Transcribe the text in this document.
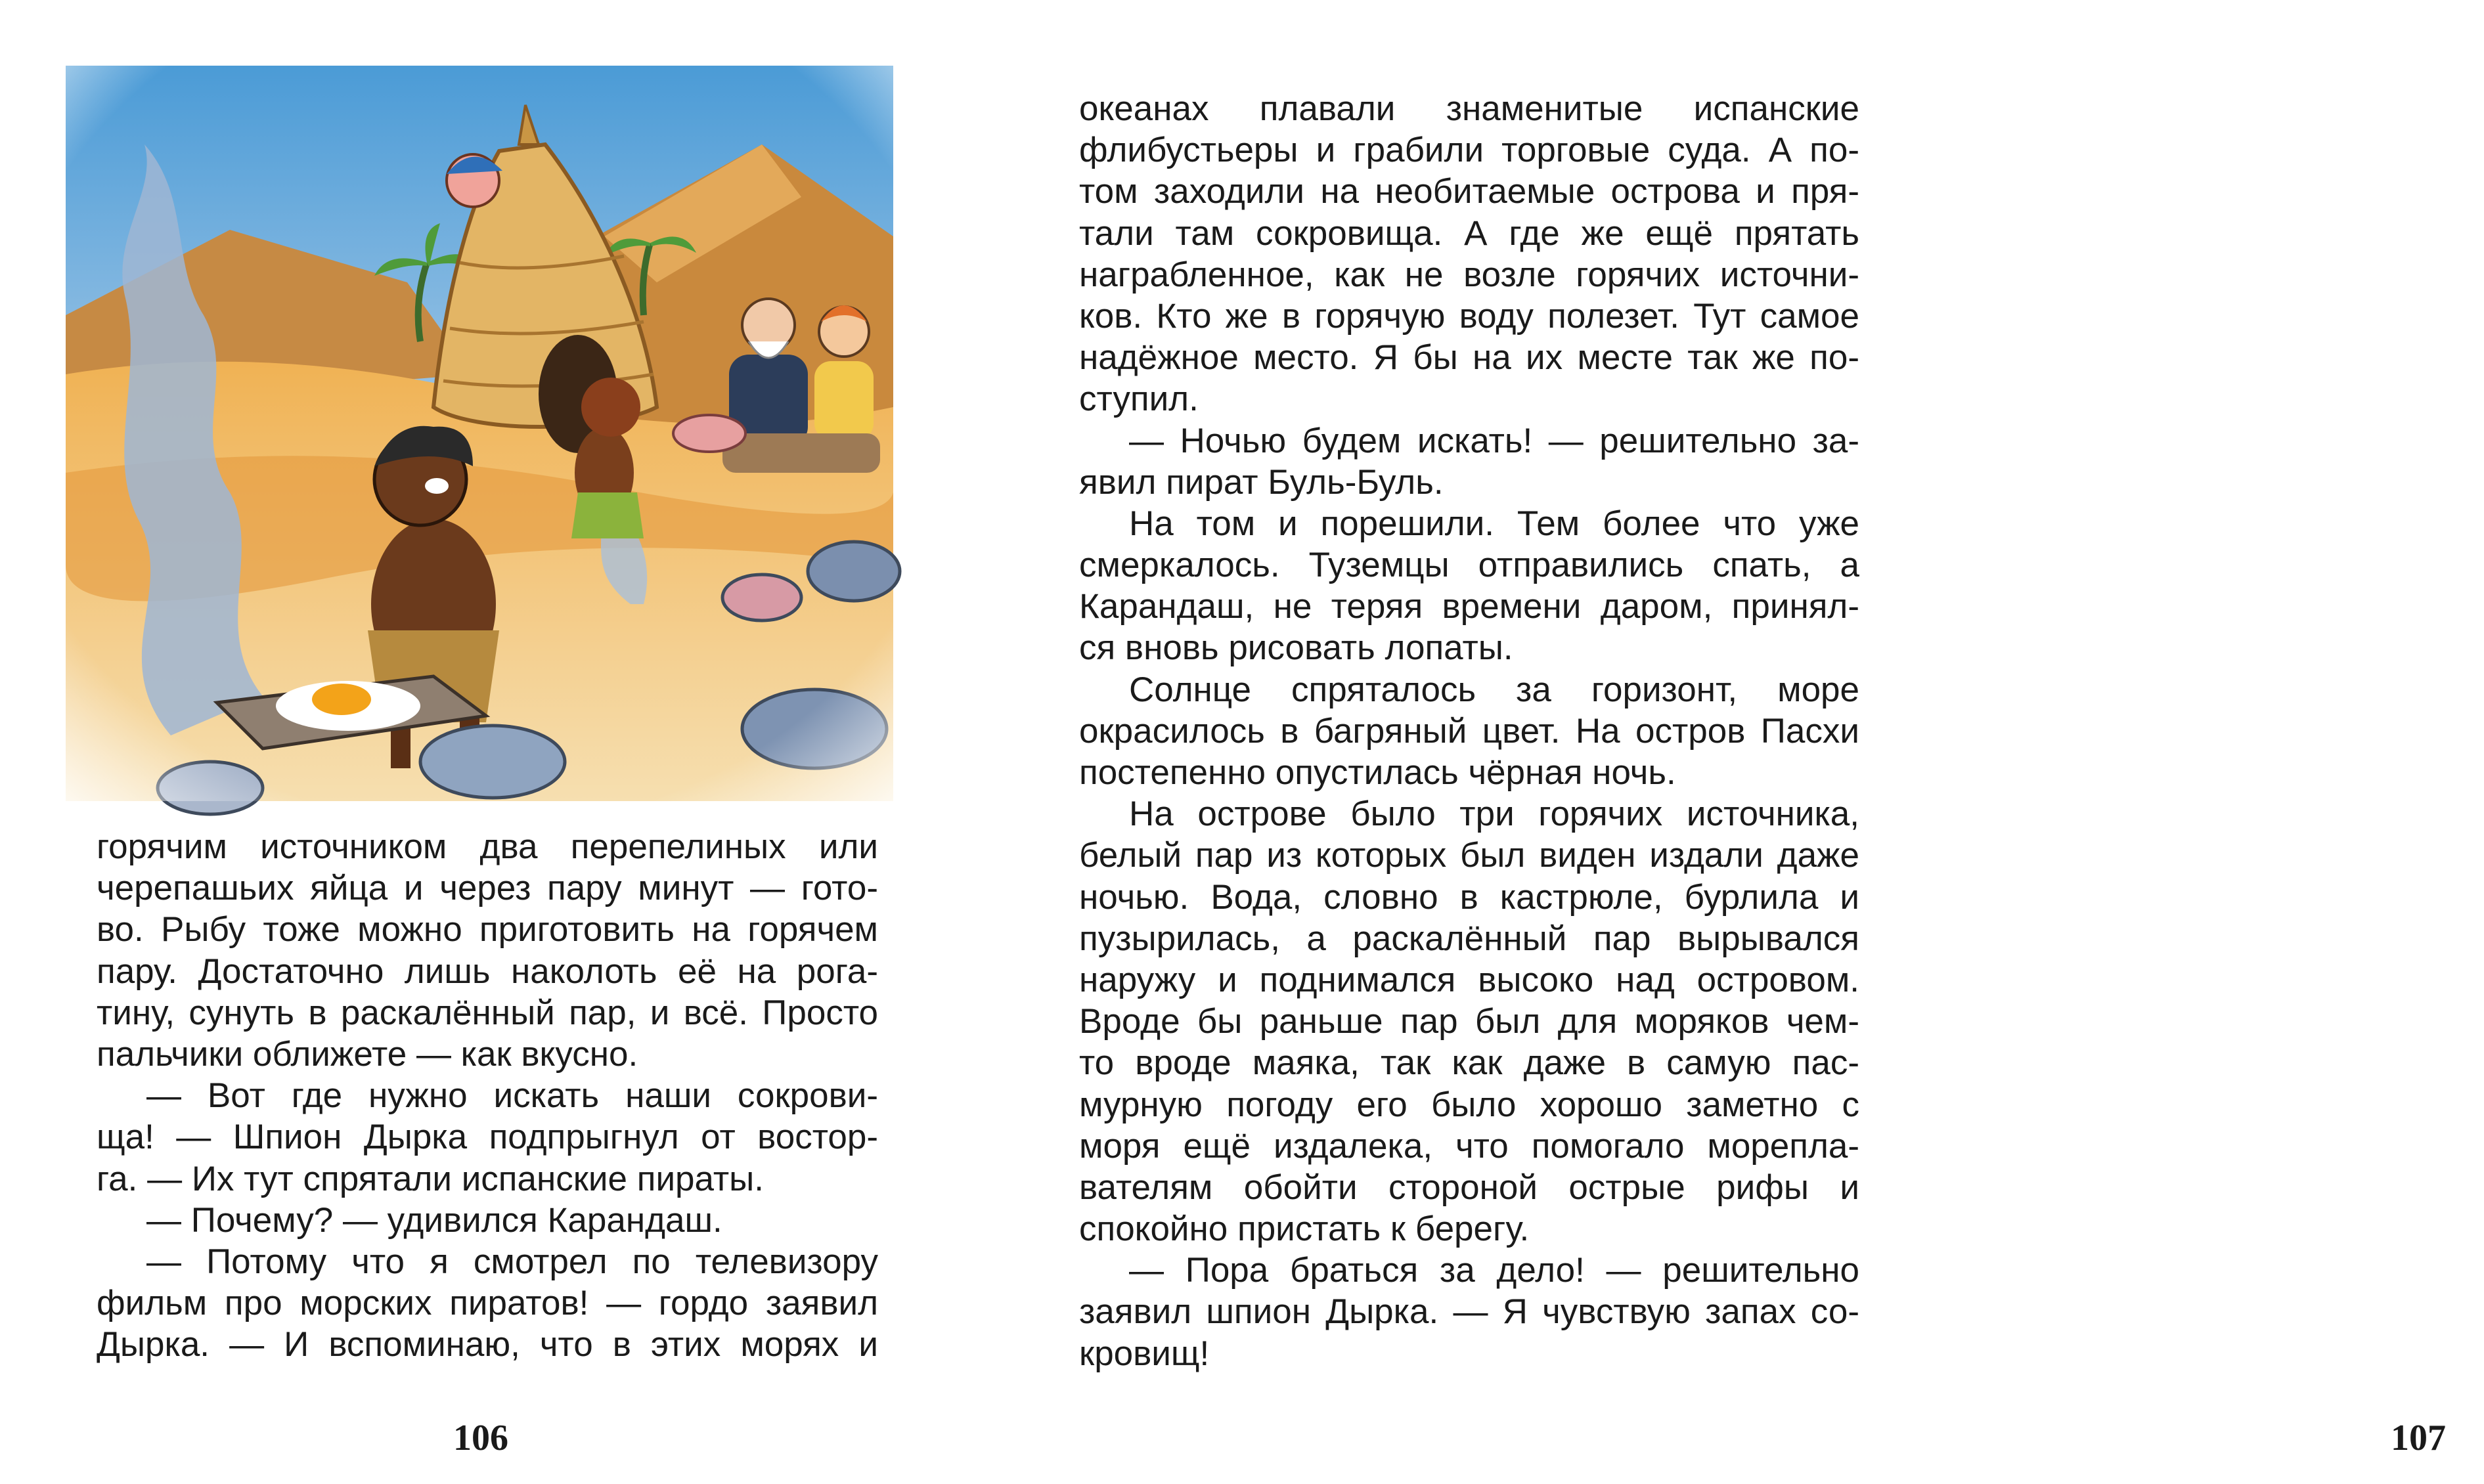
горячим источником два перепелиных или
черепашьих яйца и через пару минут — гото-
во. Рыбу тоже можно приготовить на горячем
пару. Достаточно лишь наколоть её на рога-
тину, сунуть в раскалённый пар, и всё. Просто
пальчики оближете — как вкусно.
— Вот где нужно искать наши сокрови-
ща! — Шпион Дырка подпрыгнул от востор-
га. — Их тут спрятали испанские пираты.
— Почему? — удивился Карандаш.
— Потому что я смотрел по телевизору
фильм про морских пиратов! — гордо заявил
Дырка. — И вспоминаю, что в этих морях и
106
океанах плавали знаменитые испанские
флибустьеры и грабили торговые суда. А по-
том заходили на необитаемые острова и пря-
тали там сокровища. А где же ещё прятать
награбленное, как не возле горячих источни-
ков. Кто же в горячую воду полезет. Тут самое
надёжное место. Я бы на их месте так же по-
ступил.
— Ночью будем искать! — решительно за-
явил пират Буль-Буль.
На том и порешили. Тем более что уже
смеркалось. Туземцы отправились спать, а
Карандаш, не теряя времени даром, принял-
ся вновь рисовать лопаты.
Солнце спряталось за горизонт, море
окрасилось в багряный цвет. На остров Пасхи
постепенно опустилась чёрная ночь.
На острове было три горячих источника,
белый пар из которых был виден издали даже
ночью. Вода, словно в кастрюле, бурлила и
пузырилась, а раскалённый пар вырывался
наружу и поднимался высоко над островом.
Вроде бы раньше пар был для моряков чем-
то вроде маяка, так как даже в самую пас-
мурную погоду его было хорошо заметно с
моря ещё издалека, что помогало морепла-
вателям обойти стороной острые рифы и
спокойно пристать к берегу.
— Пора браться за дело! — решительно
заявил шпион Дырка. — Я чувствую запах со-
кровищ!
107
